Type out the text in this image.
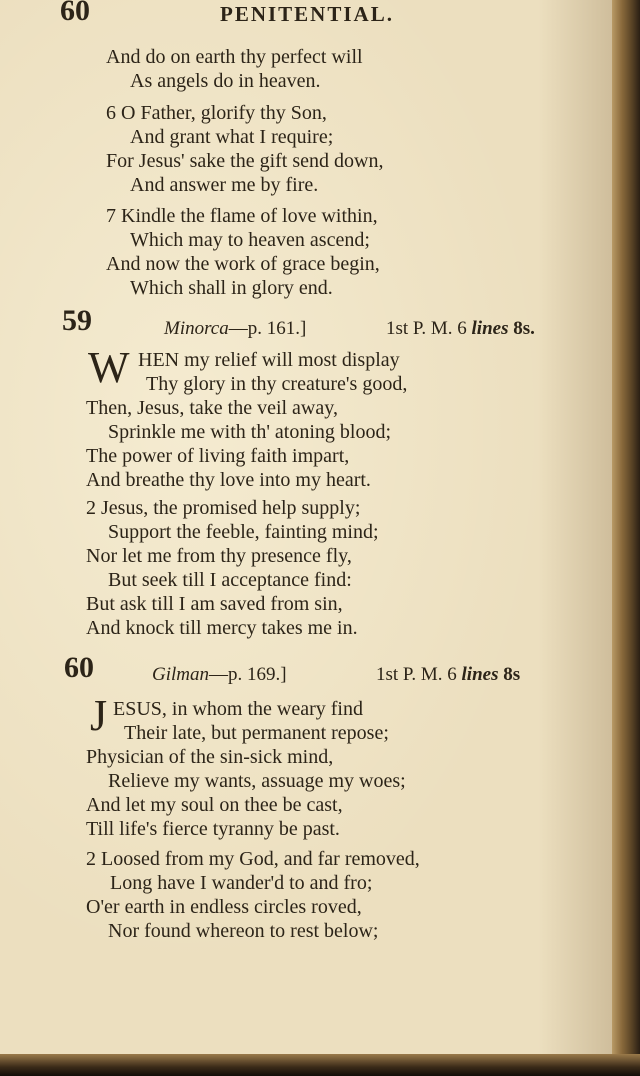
60	PENITENTIAL.
And do on earth thy perfect will
As angels do in heaven.
6 O Father, glorify thy Son,
And grant what I require;
For Jesus' sake the gift send down,
And answer me by fire.
7 Kindle the flame of love within,
Which may to heaven ascend;
And now the work of grace begin,
Which shall in glory end.
59	Minorca—p. 161.]	1st P. M. 6 lines 8s.
W HEN my relief will most display
Thy glory in thy creature's good,
Then, Jesus, take the veil away,
Sprinkle me with th' atoning blood;
The power of living faith impart,
And breathe thy love into my heart.
2 Jesus, the promised help supply;
Support the feeble, fainting mind;
Nor let me from thy presence fly,
But seek till I acceptance find:
But ask till I am saved from sin,
And knock till mercy takes me in.
60	Gilman—p. 169.]	1st P. M. 6 lines 8s
J ESUS, in whom the weary find
Their late, but permanent repose;
Physician of the sin-sick mind,
Relieve my wants, assuage my woes;
And let my soul on thee be cast,
Till life's fierce tyranny be past.
2 Loosed from my God, and far removed,
Long have I wander'd to and fro;
O'er earth in endless circles roved,
Nor found whereon to rest below;
